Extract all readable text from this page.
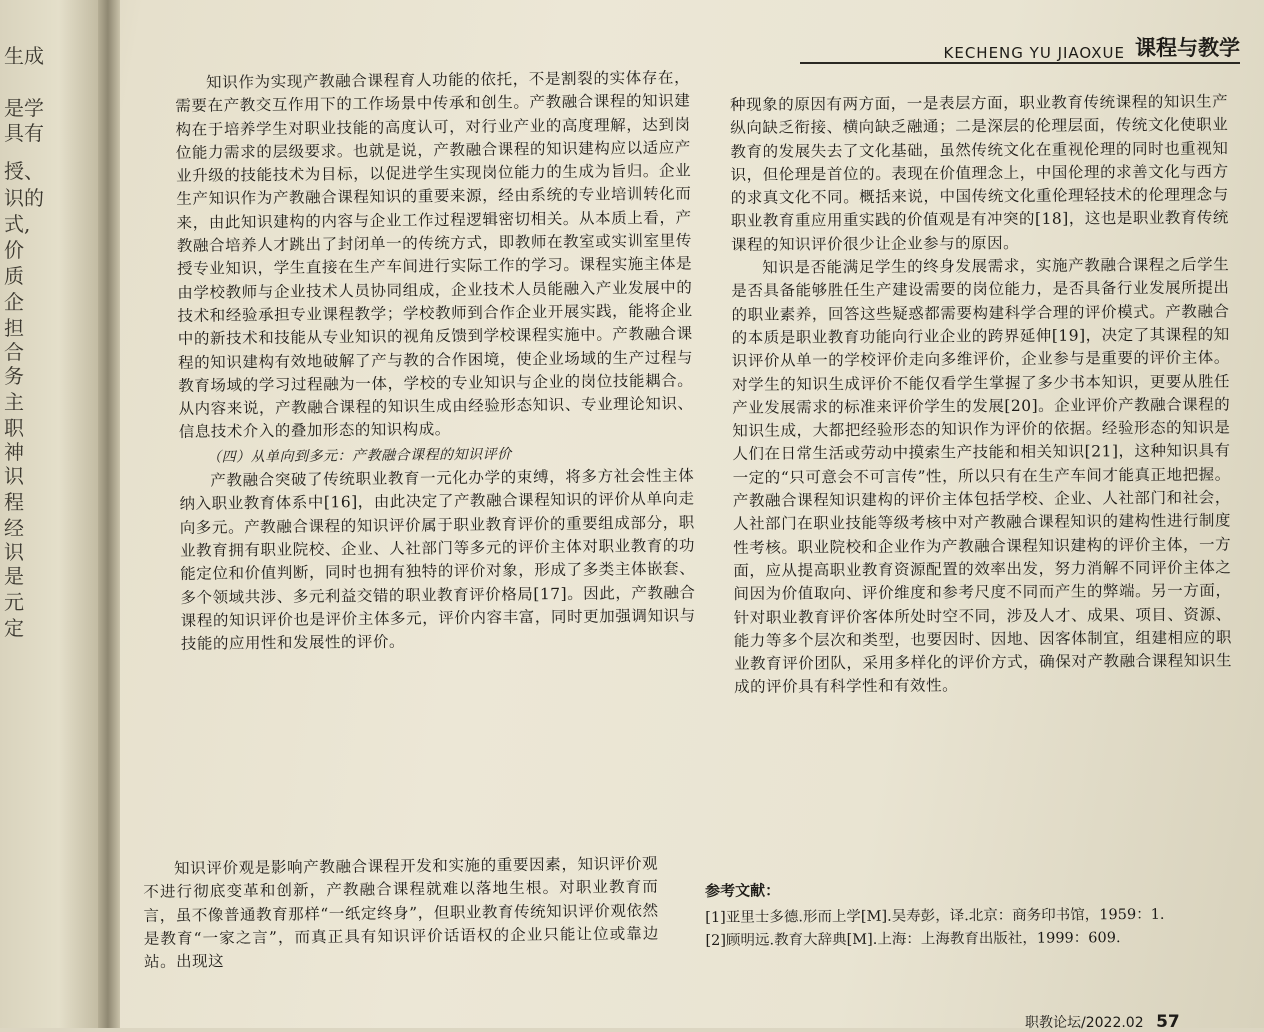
生成
是学
具有
授、
识的
式,
价
质
企
担
合
务
主
职
神
识
程
经
识
是
元
定
KECHENG YU JIAOXUE 课程与教学

知识作为实现产教融合课程育人功能的依托，不是割裂的实体存在，需要在产教交互作用下的工作场景中传承和创生。产教融合课程的知识建构在于培养学生对职业技能的高度认可，对行业产业的高度理解，达到岗位能力需求的层级要求。也就是说，产教融合课程的知识建构应以适应产业升级的技能技术为目标，以促进学生实现岗位能力的生成为旨归。企业生产知识作为产教融合课程知识的重要来源，经由系统的专业培训转化而来，由此知识建构的内容与企业工作过程逻辑密切相关。从本质上看，产教融合培养人才跳出了封闭单一的传统方式，即教师在教室或实训室里传授专业知识，学生直接在生产车间进行实际工作的学习。课程实施主体是由学校教师与企业技术人员协同组成，企业技术人员能融入产业发展中的技术和经验承担专业课程教学；学校教师到合作企业开展实践，能将企业中的新技术和技能从专业知识的视角反馈到学校课程实施中。产教融合课程的知识建构有效地破解了产与教的合作困境，使企业场域的生产过程与教育场域的学习过程融为一体，学校的专业知识与企业的岗位技能耦合。从内容来说，产教融合课程的知识生成由经验形态知识、专业理论知识、信息技术介入的叠加形态的知识构成。

（四）从单向到多元：产教融合课程的知识评价

产教融合突破了传统职业教育一元化办学的束缚，将多方社会性主体纳入职业教育体系中[16]，由此决定了产教融合课程知识的评价从单向走向多元。产教融合课程的知识评价属于职业教育评价的重要组成部分，职业教育拥有职业院校、企业、人社部门等多元的评价主体对职业教育的功能定位和价值判断，同时也拥有独特的评价对象，形成了多类主体嵌套、多个领域共涉、多元利益交错的职业教育评价格局[17]。因此，产教融合课程的知识评价也是评价主体多元，评价内容丰富，同时更加强调知识与技能的应用性和发展性的评价。

知识评价观是影响产教融合课程开发和实施的重要因素，知识评价观不进行彻底变革和创新，产教融合课程就难以落地生根。对职业教育而言，虽不像普通教育那样“一纸定终身”，但职业教育传统知识评价观依然是教育“一家之言”，而真正具有知识评价话语权的企业只能让位或靠边站。出现这

种现象的原因有两方面，一是表层方面，职业教育传统课程的知识生产纵向缺乏衔接、横向缺乏融通；二是深层的伦理层面，传统文化使职业教育的发展失去了文化基础，虽然传统文化在重视伦理的同时也重视知识，但伦理是首位的。表现在价值理念上，中国伦理的求善文化与西方的求真文化不同。概括来说，中国传统文化重伦理轻技术的伦理理念与职业教育重应用重实践的价值观是有冲突的[18]，这也是职业教育传统课程的知识评价很少让企业参与的原因。

知识是否能满足学生的终身发展需求，实施产教融合课程之后学生是否具备能够胜任生产建设需要的岗位能力，是否具备行业发展所提出的职业素养，回答这些疑惑都需要构建科学合理的评价模式。产教融合的本质是职业教育功能向行业企业的跨界延伸[19]，决定了其课程的知识评价从单一的学校评价走向多维评价，企业参与是重要的评价主体。对学生的知识生成评价不能仅看学生掌握了多少书本知识，更要从胜任产业发展需求的标准来评价学生的发展[20]。企业评价产教融合课程的知识生成，大都把经验形态的知识作为评价的依据。经验形态的知识是人们在日常生活或劳动中摸索生产技能和相关知识[21]，这种知识具有一定的“只可意会不可言传”性，所以只有在生产车间才能真正地把握。产教融合课程知识建构的评价主体包括学校、企业、人社部门和社会，人社部门在职业技能等级考核中对产教融合课程知识的建构性进行制度性考核。职业院校和企业作为产教融合课程知识建构的评价主体，一方面，应从提高职业教育资源配置的效率出发，努力消解不同评价主体之间因为价值取向、评价维度和参考尺度不同而产生的弊端。另一方面，针对职业教育评价客体所处时空不同，涉及人才、成果、项目、资源、能力等多个层次和类型，也要因时、因地、因客体制宜，组建相应的职业教育评价团队，采用多样化的评价方式，确保对产教融合课程知识生成的评价具有科学性和有效性。

参考文献：
[1]亚里士多德.形而上学[M].吴寿彭，译.北京：商务印书馆，1959：1.
[2]顾明远.教育大辞典[M].上海：上海教育出版社，1999：609.
职教论坛/2022.02 57
